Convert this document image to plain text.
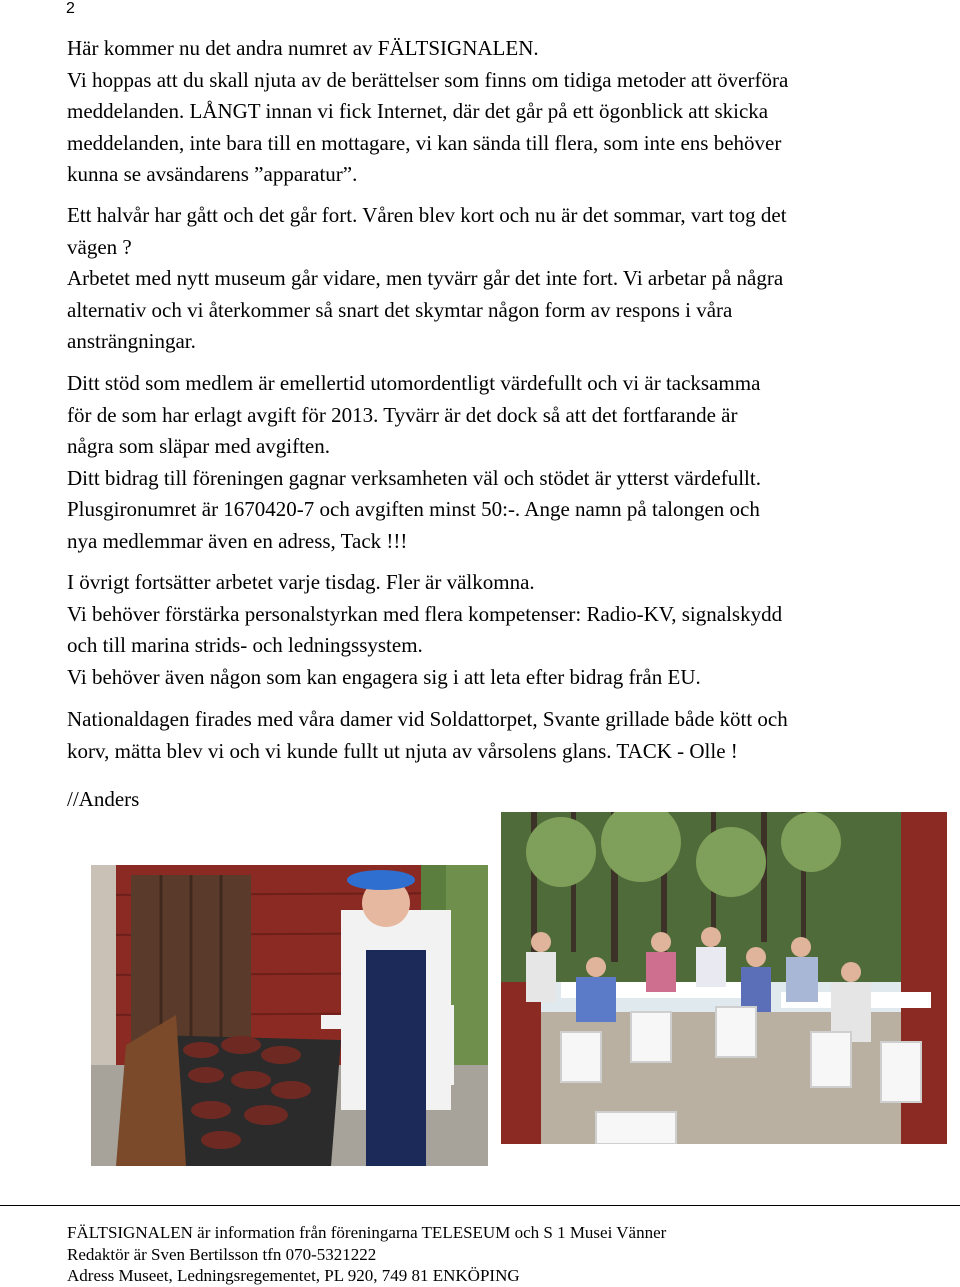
2
Här kommer nu det andra numret av FÄLTSIGNALEN.
Vi hoppas att du skall njuta av de berättelser som finns om tidiga metoder att överföra
meddelanden. LÅNGT innan vi fick Internet, där det går på ett ögonblick att skicka
meddelanden, inte bara till en mottagare, vi kan sända till flera, som inte ens behöver
kunna se avsändarens ”apparatur”.
Ett halvår har gått och det går fort. Våren blev kort och nu är det sommar, vart tog det
vägen ?
Arbetet med nytt museum går vidare, men tyvärr går det inte fort. Vi arbetar på några
alternativ och vi återkommer så snart det skymtar någon form av respons i våra
ansträngningar.
Ditt stöd som medlem är emellertid utomordentligt värdefullt och vi är tacksamma
för de som har erlagt avgift för 2013. Tyvärr är det dock så att det fortfarande är
några som släpar med avgiften.
Ditt bidrag till föreningen gagnar verksamheten väl och stödet är ytterst värdefullt.
Plusgironumret är 1670420-7 och avgiften minst 50:-. Ange namn på talongen och
nya medlemmar även en adress, Tack !!!
I övrigt fortsätter arbetet varje tisdag. Fler är välkomna.
Vi behöver förstärka personalstyrkan med flera kompetenser: Radio-KV, signalskydd
och till marina strids- och ledningssystem.
Vi behöver även någon som kan engagera sig i att leta efter bidrag från EU.
Nationaldagen firades med våra damer vid Soldattorpet, Svante grillade både kött och
korv, mätta blev vi och vi kunde fullt ut njuta av vårsolens glans. TACK - Olle !
//Anders
FÄLTSIGNALEN är information från föreningarna TELESEUM och S 1 Musei Vänner
Redaktör är Sven Bertilsson tfn 070-5321222
Adress Museet, Ledningsregementet, PL 920, 749 81 ENKÖPING
